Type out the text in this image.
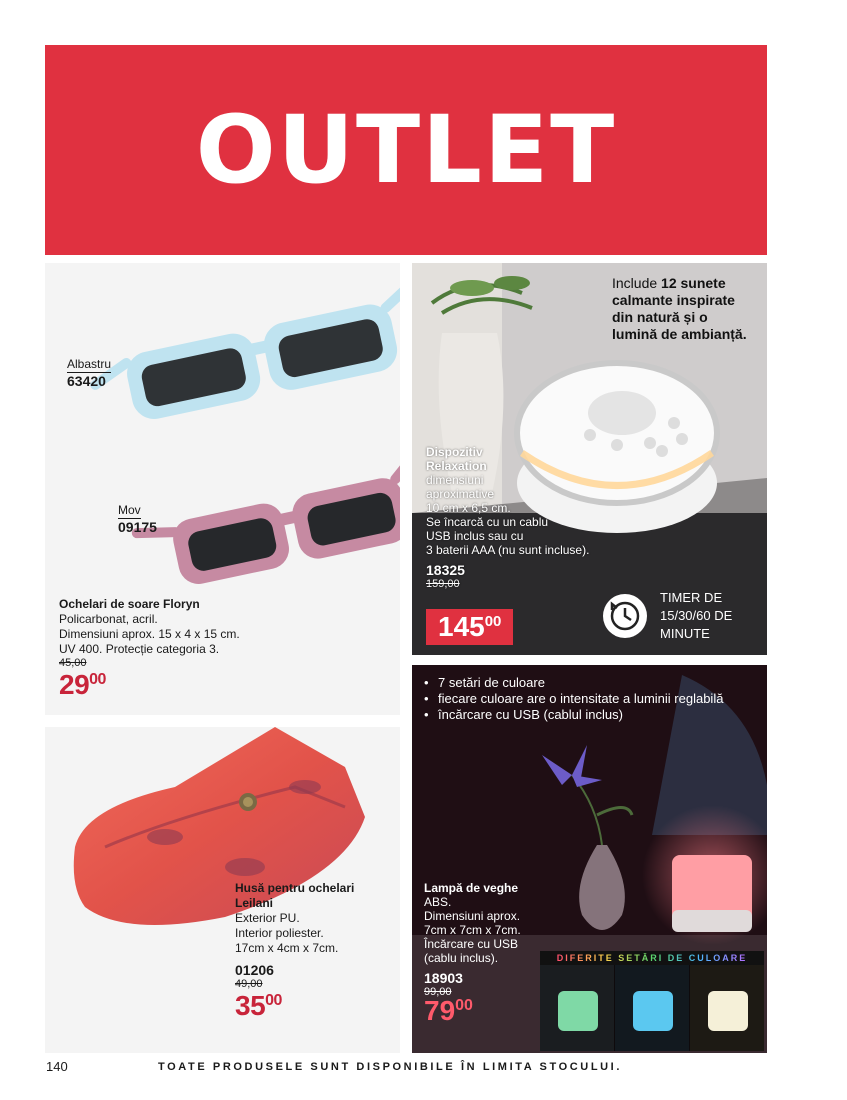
OUTLET
Albastru
63420
Mov
09175
Ochelari de soare Floryn
Policarbonat, acril.
Dimensiuni aprox. 15 x 4 x 15 cm.
UV 400. Protecție categoria 3.
45,00
$29^{00}$
Include 12 sunete
calmante inspirate
din natură și o
lumină de ambianță.
Dispozitiv
Relaxation
dimensiuni
aproximative
10 cm x 6,5 cm.
Se încarcă cu un cablu
USB inclus sau cu
3 baterii AAA (nu sunt incluse).
18325
159,00
$145^{00}$
TIMER DE
15/30/60 DE
MINUTE
Husă pentru ochelari
Leilani
Exterior PU.
Interior poliester.
17cm x 4cm x 7cm.
01206
49,00
$35^{00}$
• 7 setări de culoare
• fiecare culoare are o intensitate a luminii reglabilă
• încărcare cu USB (cablul inclus)
Lampă de veghe
ABS.
Dimensiuni aprox.
7cm x 7cm x 7cm.
Încărcare cu USB
(cablu inclus).
18903
99,00
$79^{00}$
DIFERITE SETĂRI DE CULOARE
140	TOATE PRODUSELE SUNT DISPONIBILE ÎN LIMITA STOCULUI.
